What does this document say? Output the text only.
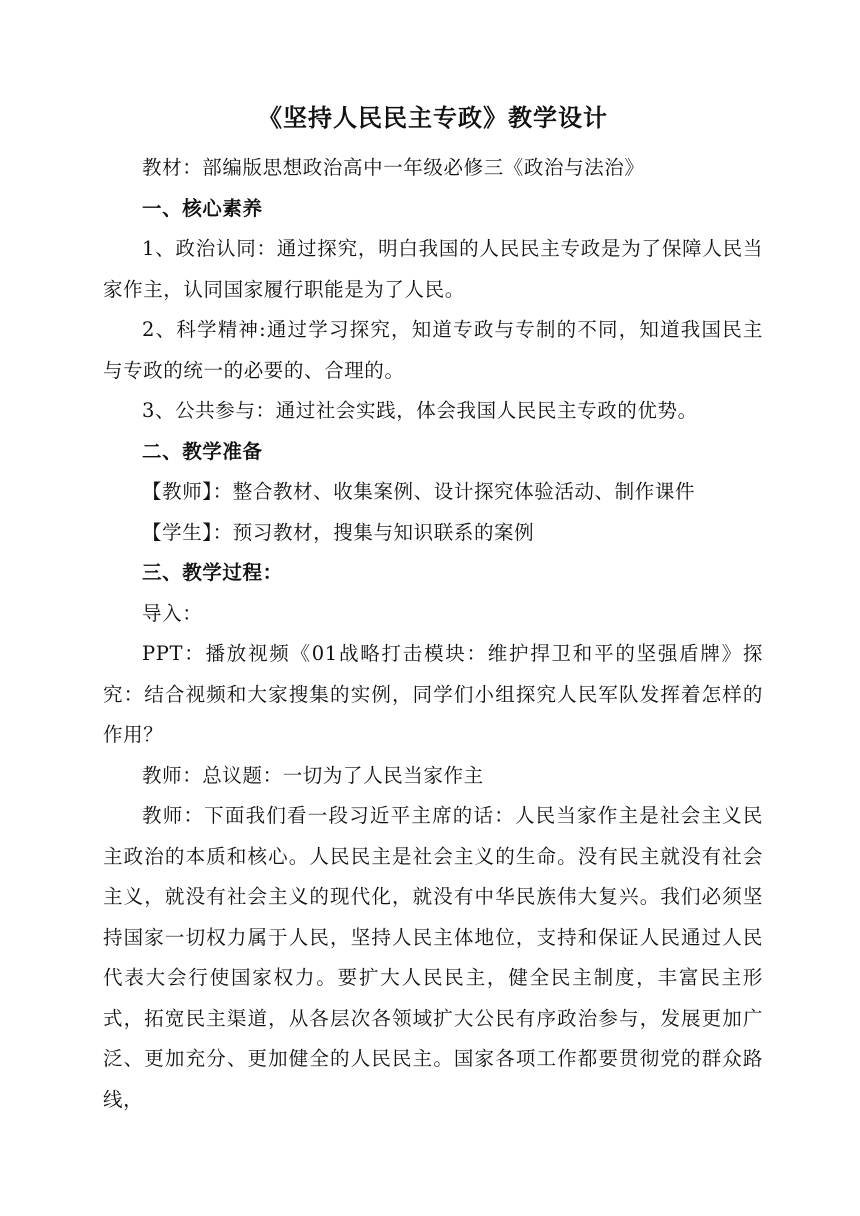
《坚持人民民主专政》教学设计

教材：部编版思想政治高中一年级必修三《政治与法治》

一、核心素养

1、政治认同：通过探究，明白我国的人民民主专政是为了保障人民当家作主，认同国家履行职能是为了人民。

2、科学精神:通过学习探究，知道专政与专制的不同，知道我国民主与专政的统一的必要的、合理的。

3、公共参与：通过社会实践，体会我国人民民主专政的优势。

二、教学准备

【教师】：整合教材、收集案例、设计探究体验活动、制作课件

【学生】：预习教材，搜集与知识联系的案例

三、教学过程：

导入：

PPT：播放视频《01战略打击模块：维护捍卫和平的坚强盾牌》探究：结合视频和大家搜集的实例，同学们小组探究人民军队发挥着怎样的作用？

教师：总议题：一切为了人民当家作主

教师：下面我们看一段习近平主席的话：人民当家作主是社会主义民主政治的本质和核心。人民民主是社会主义的生命。没有民主就没有社会主义，就没有社会主义的现代化，就没有中华民族伟大复兴。我们必须坚持国家一切权力属于人民，坚持人民主体地位，支持和保证人民通过人民代表大会行使国家权力。要扩大人民民主，健全民主制度，丰富民主形式，拓宽民主渠道，从各层次各领域扩大公民有序政治参与，发展更加广泛、更加充分、更加健全的人民民主。国家各项工作都要贯彻党的群众路线，
